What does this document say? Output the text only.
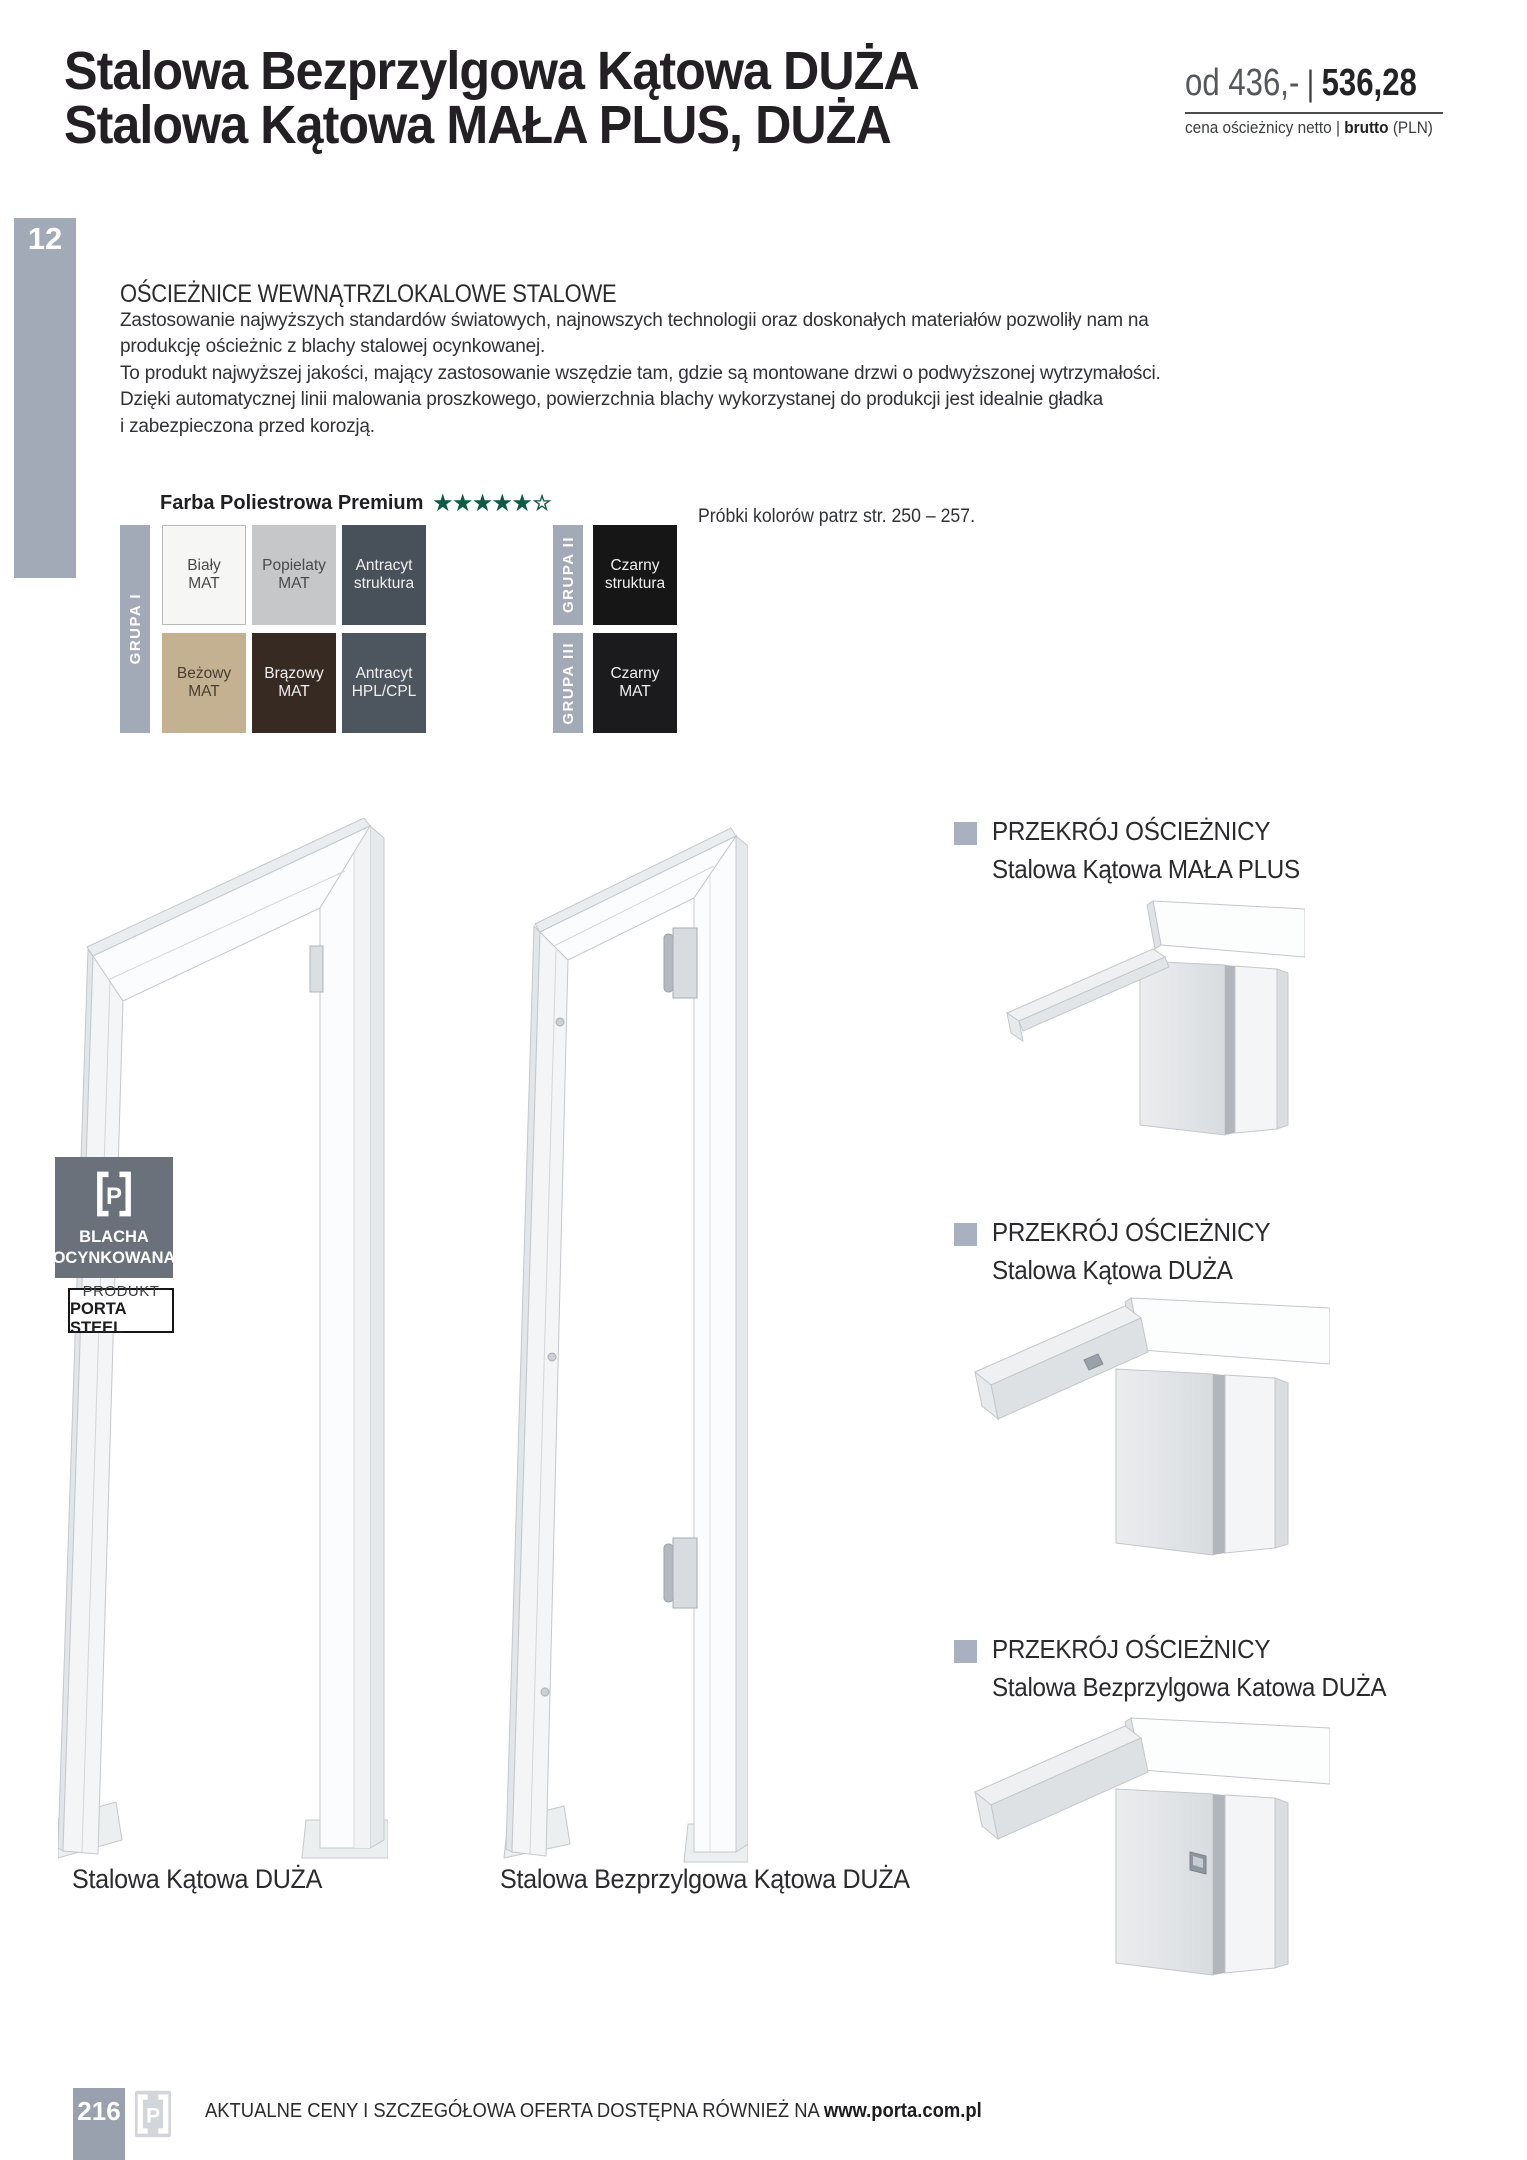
Stalowa Bezprzylgowa Kątowa DUŻA
Stalowa Kątowa MAŁA PLUS, DUŻA
od 436,- | 536,28
cena ościeżnicy netto | brutto (PLN)
12
OŚCIEŻNICE WEWNĄTRZLOKALOWE STALOWE
Zastosowanie najwyższych standardów światowych, najnowszych technologii oraz doskonałych materiałów pozwoliły nam na
produkcję ościeżnic z blachy stalowej ocynkowanej.
To produkt najwyższej jakości, mający zastosowanie wszędzie tam, gdzie są montowane drzwi o podwyższonej wytrzymałości.
Dzięki automatycznej linii malowania proszkowego, powierzchnia blachy wykorzystanej do produkcji jest idealnie gładka
i zabezpieczona przed korozją.
Farba Poliestrowa Premium ★★★★★☆
Próbki kolorów patrz str. 250 – 257.
GRUPA I
GRUPA II
GRUPA III
Biały
MAT
Popielaty
MAT
Antracyt
struktura
Beżowy
MAT
Brązowy
MAT
Antracyt
HPL/CPL
Czarny
struktura
Czarny
MAT
P
BLACHA
OCYNKOWANA
PRODUKT
PORTA STEEL
Stalowa Kątowa DUŻA	Stalowa Bezprzylgowa Kątowa DUŻA
PRZEKRÓJ OŚCIEŻNICY
Stalowa Kątowa MAŁA PLUS
PRZEKRÓJ OŚCIEŻNICY
Stalowa Kątowa DUŻA
PRZEKRÓJ OŚCIEŻNICY
Stalowa Bezprzylgowa Katowa DUŻA
216 P AKTUALNE CENY I SZCZEGÓŁOWA OFERTA DOSTĘPNA RÓWNIEŻ NA www.porta.com.pl
